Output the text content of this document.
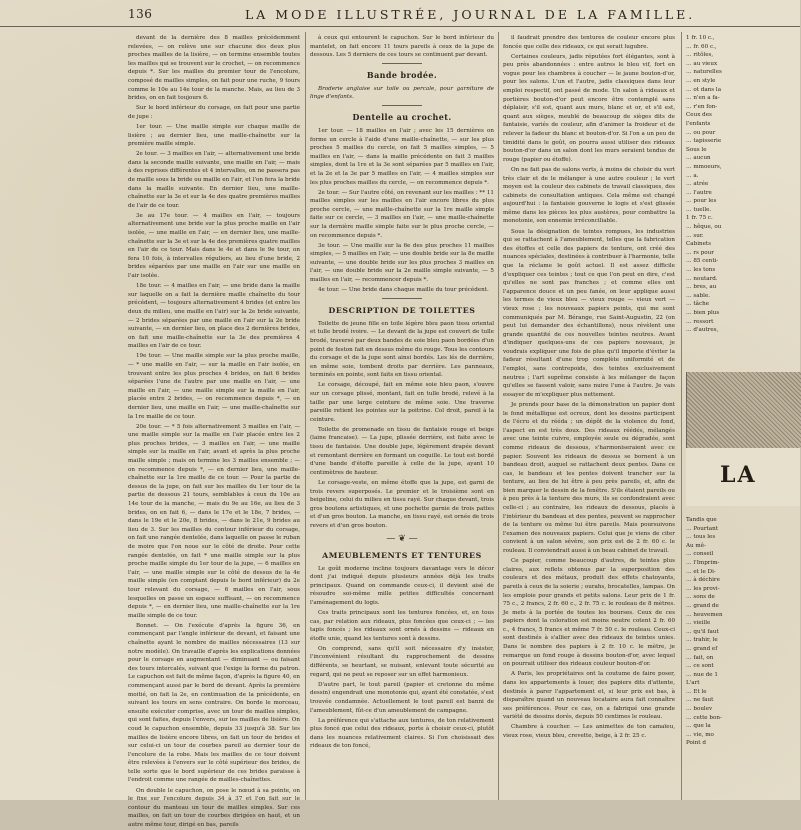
136	LA MODE ILLUSTRÉE, JOURNAL DE LA FAMILLE.

devant de la dernière des 8 mailles précédemment relevées, — on relève une sur chacune des deux plus proches mailles de la lisière, — on termine ensemble toutes les mailles qui se trouvent sur le crochet, — on recommence depuis *. Sur les mailles du premier tour de l'encolure, composé de mailles simples, on fait pour une ruche, 9 tours comme le 10e au 14e tour de la manche. Mais, au lieu de 3 brides, on en fait toujours 6.

Sur le bord inférieur du corsage, on fait pour une partie de jupe :

1er tour. — Une maille simple sur chaque maille de lisière ; au dernier lieu, une maille-chaînette sur la première maille simple.

2e tour. — 3 mailles en l'air, — alternativement une bride dans la seconde maille suivante, une maille en l'air, — mais à des reprises différentes et 4 intervalles, on ne passera pas de maille sous la bride ou maille en l'air, et l'on fera la bride dans la maille suivante. En dernier lieu, une maille-chaînette sur la 3e et sur la 4e des quatre premières mailles de l'air de ce tour.

3e au 17e tour. — 4 mailles en l'air, — toujours alternativement une bride sur la plus proche maille en l'air isolée, — une maille en l'air, — en dernier lieu, une maille-chaînette sur la 3e et sur la 4e des premières quatre mailles en l'air de ce tour. Mais dans le 4e et dans le 9e tour, on fera 10 fois, à intervalles réguliers, au lieu d'une bride, 2 brides séparées par une maille en l'air sur une maille en l'air isolée.

18e tour. — 4 mailles en l'air, — une bride dans la maille sur laquelle on a fait la dernière maille chaînette du tour précédent, — toujours alternativement 4 brides (et entre les deux du milieu, une maille en l'air) sur la 2e bride suivante, — 2 brides séparées par une maille en l'air sur la 2e bride suivante, — en dernier lieu, on place des 2 dernières brides, on fait une maille-chaînette sur la 3e des premières 4 mailles en l'air de ce tour.

19e tour. — Une maille simple sur la plus proche maille, — * une maille en l'air, — sur la maille en l'air isolée, en trouvant entre les plus proches 4 brides, on fait 6 brides séparées l'une de l'autre par une maille en l'air, — une maille en l'air, — une maille simple sur la maille en l'air, placée entre 2 brides, — on recommence depuis *, — en dernier lieu, une maille en l'air, — une maille-chaînette sur la 1re maille de ce tour.

20e tour. — * 5 fois alternativement 3 mailles en l'air, — une maille simple sur la maille en l'air placée entre les 2 plus proches brides, — 3 mailles en l'air, — une maille simple sur la maille en l'air, avant et après la plus proche maille simple ; mais on termine les 3 mailles ensemble ; — on recommence depuis *, — en dernier lieu, une maille-chaînette sur la 1re maille de ce tour. — Pour la partie de dessus de la jupe, on fait sur les mailles du 1er tour de la partie de dessous 21 tours, semblables à ceux du 10e au 14e tour de la manche, — mais du 9e au 16e, au lieu de 3 brides, on en fait 6, — dans le 17e et le 18e, 7 brides, — dans le 19e et le 20e, 8 brides, — dans le 21e, 9 brides au lieu de 3. Sur les mailles du contour inférieur du corsage, on fait une rangée dentelée, dans laquelle on passe le ruban de moire que l'on noue sur le côté de droite. Pour cette rangée dentelée, on fait * une maille simple sur la plus proche maille simple du 1er tour de la jupe, — 6 mailles en l'air, — une maille simple sur le côté de dessus de la 4e maille simple (en comptant depuis le bord inférieur) du 2e tour relevant du corsage, — 6 mailles en l'air, sous lesquelles on passe un espace suffisant, — on recommence depuis *, — en dernier lieu, une maille-chaînette sur la 1re maille simple de ce tour.

Bonnet. — On l'exécute d'après la figure 36, en commençant par l'angle inférieur de devant, et faisant une chaînette ayant le nombre de mailles nécessaires (13 sur notre modèle). On travaille d'après les explications données pour le corsage en augmentant — diminuant — ou faisant des tours intercalés, suivant que l'exige la forme du patron. Le capuchon est fait de même façon, d'après la figure 40, en commençant aussi par le bord de devant. Après la première moitié, on fait la 2e, en continuation de la précédente, en suivant les tours en sens contraire. On borde le morceau, ensuite exécuter comprise, avec un tour de mailles simples, qui sont faites, depuis l'envers, sur les mailles de lisière. On coud le capuchon ensemble, depuis 33 jusqu'à 38. Sur les mailles de lisière encore libres, on fait un tour de brides et sur celui-ci un tour de courbes pareil au dernier tour de l'encolure de la robe. Mais les mailles de ce tour doivent être relevées à l'envers sur le côté supérieur des brides, de telle sorte que le bord supérieur de ces brides paraisse à l'endroit comme une rangée de mailles-chaînettes.

On double le capuchon, on pose le nœud à sa pointe, on le fixe sur l'encolure depuis 34 à 37 et l'on fait sur le contour du manteau un tour de mailles simples. Sur ces mailles, on fait un tour de courbes dirigées en haut, et un autre même tour, dirigé en bas, pareils

à ceux qui entourent le capuchon. Sur le bord inférieur du mantelet, on fait encore 11 tours pareils à ceux de la jupe de dessous. Les 5 derniers de ces tours se continuent par devant.

Bande brodée.

Broderie anglaise sur toile ou percale, pour garniture de linge d'enfants.

Dentelle au crochet.

1er tour. — 18 mailles en l'air ; avec les 15 dernières on forme un cercle à l'aide d'une maille-chaînette, — sur les plus proches 5 mailles du cercle, on fait 5 mailles simples, — 5 mailles en l'air, — dans la maille précédente on fait 3 mailles simples, dont la 1re et la 3e sont séparées par 5 mailles en l'air, et la 2e et la 3e par 5 mailles en l'air, — 4 mailles simples sur les plus proches mailles du cercle, — on recommence depuis *.

2e tour. — Sur l'autre côté, on revenant sur les mailles : ** 11 mailles simples sur les mailles en l'air encore libres du plus proche cercle, — une maille-chaînette sur la 1re maille simple faite sur ce cercle, — 3 mailles en l'air, — une maille-chaînette sur la dernière maille simple faite sur le plus proche cercle, — on recommence depuis *.

3e tour. — Une maille sur la 6e des plus proches 11 mailles simples, — 5 mailles en l'air, — une double bride sur la 8e maille suivante, — une double bride sur les plus proches 3 mailles en l'air, — une double bride sur la 2e maille simple suivante, — 5 mailles en l'air, — recommencer depuis *.

4e tour. — Une bride dans chaque maille du tour précédent.

DESCRIPTION DE TOILETTES

Toilette de jeune fille en toile légère bleu paon tissu oriental et tulle brodé ivoire. — Le devant de la jupe est couvert de tulle brodé, traversé par deux bandes de soie bleu paon bordées d'un point de feston fait en dessus même du rouge. Tous les contours du corsage et de la jupe sont ainsi bordés. Les lés de derrière, en même soie, tombent droits par derrière. Les panneaux, terminés en pointe, sont faits en tissu oriental.

Le corsage, découpé, fait en même soie bleu paon, s'ouvre sur un corsage plissé, montant, fait en tulle brodé, relevé à la taille par une large ceinture de même soie. Une traverse pareille retient les pointes sur la poitrine. Col droit, pareil à la ceinture.

Toilette de promenade en tissu de fantaisie rouge et beige (laine francaise). — La jupe, plissée derrière, est faite avec le tissu de fantaisie. Une double jupe, légèrement drapée devant et remontant derrière en formant un coquille. Le tout est bordé d'une bande d'étoffe pareille à celle de la jupe, ayant 10 centimètres de hauteur.

Le corsage-veste, en même étoffe que la jupe, est garni de trois revers superposés. Le premier et le troisième sont en beigeline, celui du milieu en tissu rayé. Sur chaque devant, trois gros boutons artistiques, et une pochette garnie de trois pattes et d'un gros bouton. La manche, en tissu rayé, est ornée de trois revers et d'un gros bouton.

— ❦ —
AMEUBLEMENTS ET TENTURES

Le goût moderne incline toujours davantage vers le décor dont j'ai indiqué depuis plusieurs années déjà les traits principaux. Quand on commande ceux-ci, il devient aisé de résoudre soi-même mille petites difficultés concernant l'aménagement du logis.

Ces traits principaux sont les tentures foncées, et, en tous cas, par relation aux rideaux, plus foncées que ceux-ci ; — les tapis foncés ; les rideaux sont ornés à dessins — rideaux en étoffe unie, quand les tentures sont à dessins.

On comprend, sans qu'il soit nécessaire d'y insister, l'inconvénient résultant du rapprochement de dessins différents, se heurtant, se nuisant, enlevant toute sécurité au regard, qui ne peut se reposer sur un effet harmonieux.

D'autre part, le tout pareil (papier et cretonne du même dessin) engendrait une monotonie qui, ayant été constatée, s'est trouvée condamnée. Actuellement le tout pareil est banni de l'ameublement, fût-ce d'un ameublement de campagne.

La préférence qui s'attache aux tentures, de ton relativement plus foncé que celui des rideaux, porte à choisir ceux-ci, plutôt dans les nuances relativement claires. Si l'on choisissait des rideaux de ton foncé,

il faudrait prendre des tentures de couleur encore plus foncée que celle des rideaux, ce qui serait lugubre.

Certaines couleurs, jadis réputées fort élégantes, sont à peu près abandonnées : entre autres le bleu vif, fort en vogue pour les chambres à coucher — le jaune bouton-d'or, pour les salons. L'un et l'autre, jadis classiques dans leur emploi respectif, ont passé de mode. Un salon à rideaux et portières bouton-d'or peut encore être contemplé sans déplaisir, s'il est, quant aux murs, blanc et or, et s'il est, quant aux sièges, meublé de beaucoup de sièges dits de fantaisie, variés de couleur, afin d'animer la froideur et de relever la fadeur du blanc et bouton-d'or. Si l'on a un peu de timidité dans le goût, on pourra aussi utiliser des rideaux bouton-d'or dans un salon dont les murs seraient tendus de rouge (papier ou étoffe).

On ne fait pas de salons verts, à moins de choisir du vert très clair et de le mélanger à une autre couleur ; le vert moyen est la couleur des cabinets de travail classiques, des cabinets de consultation antiques. Cela même est changé aujourd'hui : la fantaisie gouverne le logis et s'est glissée même dans les pièces les plus austères, pour combattre la monotonie, son ennemie irréconciliable.

Sous la désignation de teintes rompues, les industries qui se rattachent à l'ameublement, telles que la fabrication des étoffes et celle des papiers de tenture, ont créé des nuances spéciales, destinées à contribuer à l'harmonie, telle que la réclame le goût actuel. Il est assez difficile d'expliquer ces teintes ; tout ce que l'on peut en dire, c'est qu'elles ne sont pas franches ; et comme elles ont l'apparence douce et un peu fanée, on leur applique aussi les termes de vieux bleu — vieux rouge — vieux vert — vieux rose ; les nouveaux papiers peints, qui me sont communiqués par M. Bérange, rue Saint-Augustin, 22 (on peut lui demander des échantillons), nous révèlent une grande quantité de ces nouvelles teintes neutres. Avant d'indiquer quelques-uns de ces papiers nouveaux, je voudrais expliquer une fois de plus qu'il importe d'éviter la fadeur résultant d'une trop complète uniformité et de l'emploi, sans contrepoids, des teintes exclusivement neutres ; l'art suprême consiste à les mélanger de façon qu'elles se fassent valoir, sans nuire l'une à l'autre. Je vais essayer de m'expliquer plus nettement.

Je prends pour base de la démonstration un papier dont le fond métallique est ocreux, dont les dessins participent de l'écru et du rééda ; un dépôt de la violence du fond, l'aspect en est très doux. Des rideaux réédés, mélangés avec une teinte cuivre, employée seule ou dégradée, sont comme rideaux de dessous, s'harmoniseraient avec ce papier. Souvent les rideaux de dessus se bornent à un bandeau droit, auquel se rattachent deux pentes. Dans ce cas, le bandeau et les pentes doivent trancher sur la tenture, au lieu de lui être à peu près pareils, et, afin de bien marquer le dessin de la fenêtre. S'ils étaient pareils ou à peu près à la tenture des murs, ils se confondraient avec celle-ci ; au contraire, les rideaux de dessous, placés à l'intérieur du bandeau et des pentes, peuvent se rapprocher de la tenture ou même lui être pareils. Mais poursuivons l'examen des nouveaux papiers. Celui que je viens de citer convient à un salon sévère, son prix est de 2 fr. 60 c. le rouleau. Il conviendrait aussi à un beau cabinet de travail.

Ce papier, comme beaucoup d'autres, de teintes plus claires, aux reflets obtenus par la superposition des couleurs et des métaux, produit des effets chatoyants, pareils à ceux de la soierie ; ourahs, brocatelles, lampas. On les emploie pour grands et petits salons. Leur prix de 1 fr. 75 c., 2 francs, 2 fr. 60 c., 2 fr. 75 c. le rouleau de 8 mètres. Je mets à la portée de toutes les bourses. Ceux de ces papiers dont la coloration est moins neutre cotent 2 fr. 60 c., 4 francs, 5 francs et même 7 fr. 50 c. le rouleau. Ceux-ci sont destinés à s'allier avec des rideaux de teintes unies. Dans le nombre des papiers à 2 fr. 10 c. le mètre, je remarque un fond rouge à dessins bouton-d'or, avec lequel on pourrait utiliser des rideaux couleur bouton-d'or.

A Paris, les propriétaires ont la coutume de faire poser, dans les appartements à louer, des papiers dits d'attente, destinés à parer l'appartement et, si leur prix est bas, à disparaître quand un nouveau locataire aura fait connaître ses préférences. Pour ce cas, on a fabriqué une grande variété de dessins dorés, depuis 50 centimes le rouleau.

Chambre à coucher. — Les animettes de ton camaïeu, vieux rose, vieux bleu, crevette, beige, à 2 fr. 25 c.

1 fr. 10 c.,
… fr. 60 c.,
… ritôles,
… au vieux
… naturelles
… en style
… ot dans la
… n'en a fa-
… r'en fon-
Ceux des
l'enfants
… ou pour
… tapisserie
Sous le
… aucun
… mmoeurs,
… a.
… atrée
… l'autre
… pour les
… tuelle.
1 fr. 75 c.
… hêque, ou
… sur.
Cabinets
… rs pour
… 85 centi-
… les tons
… noutard.
… bres, au
… sable.
… tâche
… bien plus
… ressort
… d'autres,
LA
Tandis que
… Pourtant
… tous les
Au mê-
… conseil
… l'Imprim-
… et le Di-
… à déchire
… les provi-
… sons de
… grand de
… heuvemen
… vieille
… qu'il faut
… trahir, le
… grand ef
… fait, on
… ce sont
… nue de 1
L'art
… Et le
… ne faut
… boulev
… cette bon-
… que la
… vie, mo
Point d
